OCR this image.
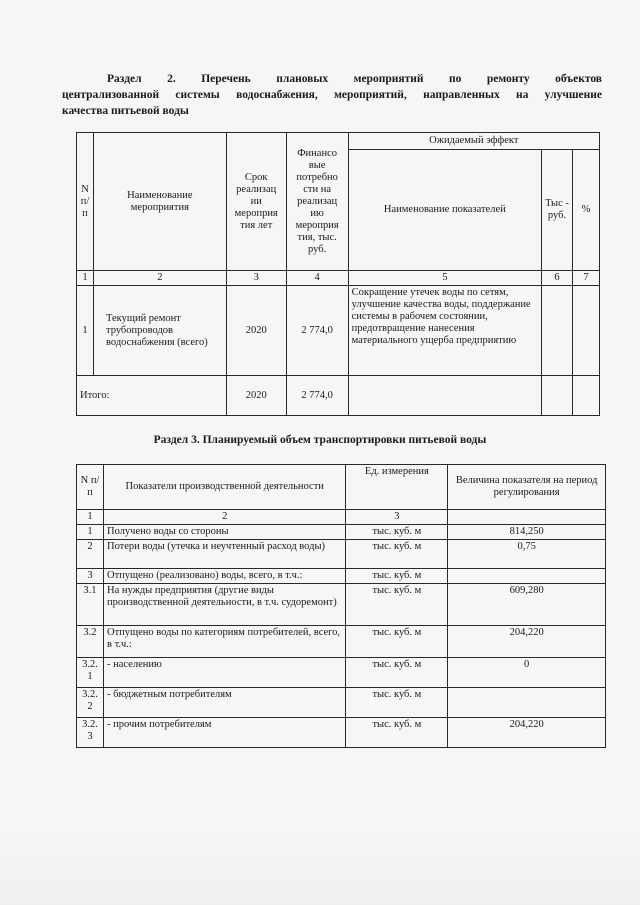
Раздел 2. Перечень плановых мероприятий по ремонту объектов
централизованной системы водоснабжения, мероприятий, направленных на улучшение
качества питьевой воды
N п/ п	Наименование мероприятия	Срок реализац ии мероприя тия лет	Финансо вые потребно сти на реализац ию мероприя тия, тыс. руб.	Ожидаемый эффект		
				Наименование показателей	Тыс - руб.	%
1	2	3	4	5	6	7
1	Текущий ремонт трубопроводов водоснабжения (всего)	2020	2 774,0	Сокращение утечек воды по сетям, улучшение качества воды, поддержание системы в рабочем состоянии, предотвращение нанесения материального ущерба предприятию		
Итого:		2020	2 774,0			
Раздел 3. Планируемый объем транспортировки питьевой воды
N п/п	Показатели производственной деятельности	Ед. измерения	Величина показателя на период регулирования
1	2	3	
1	Получено воды со стороны	тыс. куб. м	814,250
2	Потери воды (утечка и неучтенный расход воды)	тыс. куб. м	0,75
3	Отпущено (реализовано) воды, всего, в т.ч.:	тыс. куб. м	
3.1	На нужды предприятия (другие виды производственной деятельности, в т.ч. судоремонт)	тыс. куб. м	609,280
3.2	Отпущено воды по категориям потребителей, всего, в т.ч.:	тыс. куб. м	204,220
3.2. 1	- населению	тыс. куб. м	0
3.2. 2	- бюджетным потребителям	тыс. куб. м	
3.2. 3	- прочим потребителям	тыс. куб. м	204,220
